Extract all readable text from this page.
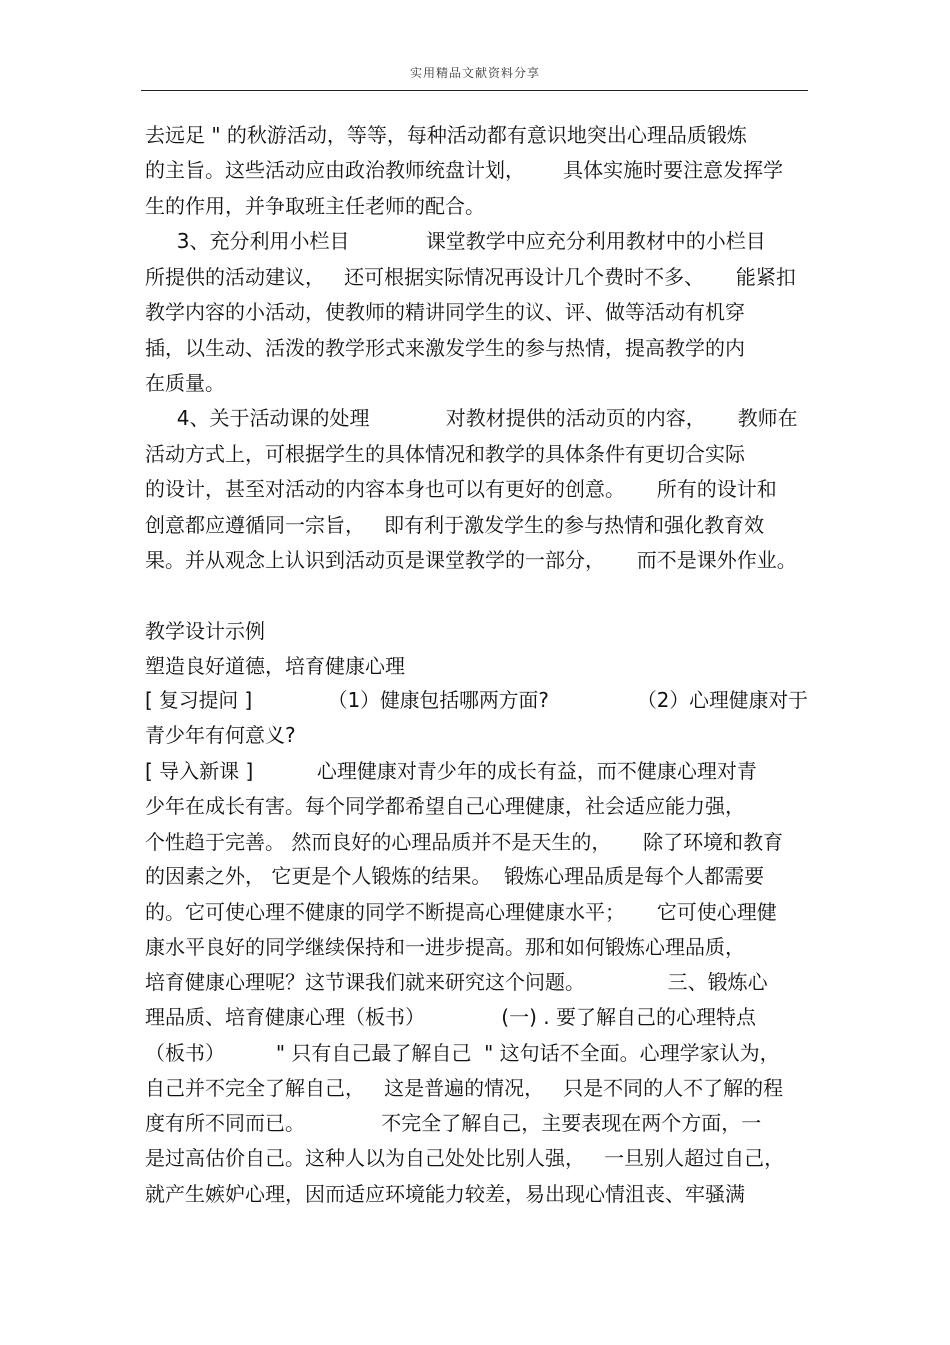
实用精品文献资料分享
去远足 " 的秋游活动，等等，每种活动都有意识地突出心理品质锻炼
的主旨。这些活动应由政治教师统盘计划，      具体实施时要注意发挥学
生的作用，并争取班主任老师的配合。
3、充分利用小栏目            课堂教学中应充分利用教材中的小栏目
所提供的活动建议，   还可根据实际情况再设计几个费时不多、     能紧扣
教学内容的小活动，使教师的精讲同学生的议、评、做等活动有机穿
插，以生动、活泼的教学形式来激发学生的参与热情，提高教学的内
在质量。
4、关于活动课的处理            对教材提供的活动页的内容，     教师在
活动方式上，可根据学生的具体情况和教学的具体条件有更切合实际
的设计，甚至对活动的内容本身也可以有更好的创意。     所有的设计和
创意都应遵循同一宗旨，   即有利于激发学生的参与热情和强化教育效
果。并从观念上认识到活动页是课堂教学的一部分，     而不是课外作业。
教学设计示例
塑造良好道德，培育健康心理
[ 复习提问 ]            （1）健康包括哪两方面?              （2）心理健康对于
青少年有何意义?
[ 导入新课 ]          心理健康对青少年的成长有益，而不健康心理对青
少年在成长有害。每个同学都希望自己心理健康，社会适应能力强，
个性趋于完善。 然而良好的心理品质并不是天生的，     除了环境和教育
的因素之外， 它更是个人锻炼的结果。  锻炼心理品质是每个人都需要
的。它可使心理不健康的同学不断提高心理健康水平；     它可使心理健
康水平良好的同学继续保持和一进步提高。那和如何锻炼心理品质，
培育健康心理呢？这节课我们就来研究这个问题。             三、锻炼心
理品质、培育健康心理（板书）            (一) . 要了解自己的心理特点
（板书）        " 只有自己最了解自己  " 这句话不全面。心理学家认为，
自己并不完全了解自己，   这是普遍的情况，   只是不同的人不了解的程
度有所不同而已。            不完全了解自己，主要表现在两个方面，一
是过高估价自己。这种人以为自己处处比别人强，   一旦别人超过自己，
就产生嫉妒心理，因而适应环境能力较差，易出现心情沮丧、牢骚满
